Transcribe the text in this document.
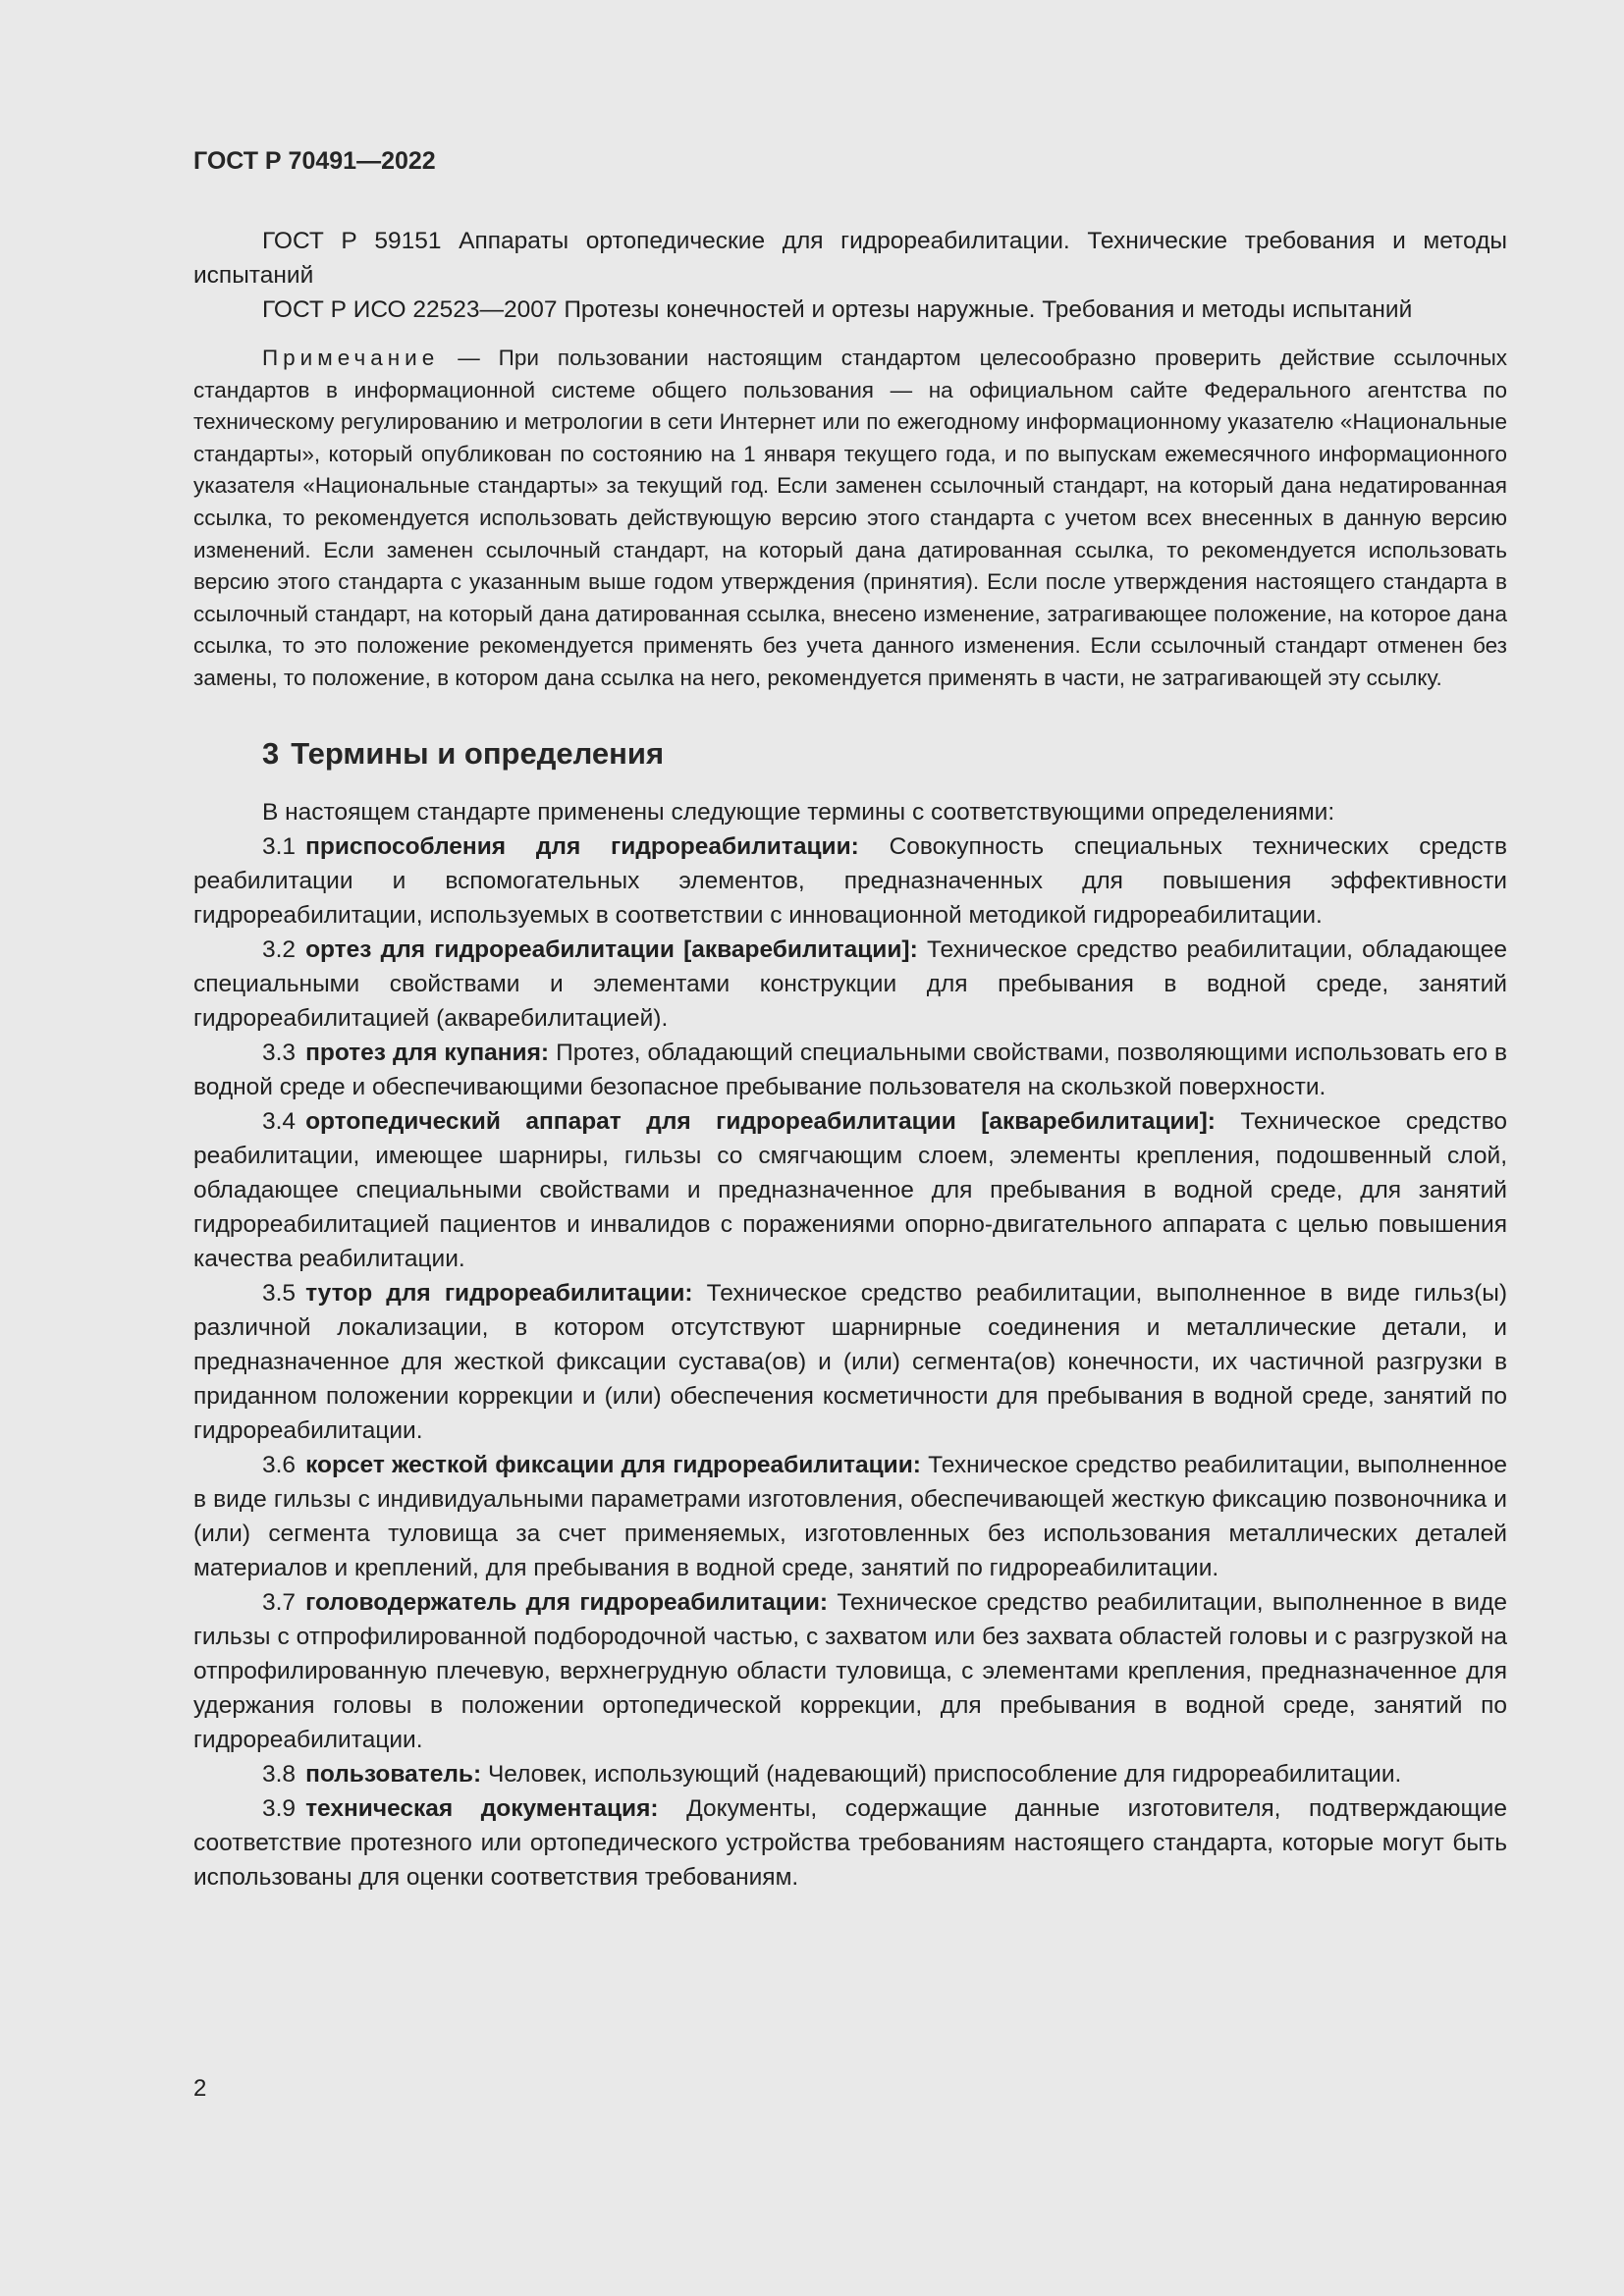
ГОСТ Р 70491—2022

ГОСТ Р 59151 Аппараты ортопедические для гидрореабилитации. Технические требования и методы испытаний

ГОСТ Р ИСО 22523—2007 Протезы конечностей и ортезы наружные. Требования и методы испытаний

Примечание — При пользовании настоящим стандартом целесообразно проверить действие ссылочных стандартов в информационной системе общего пользования — на официальном сайте Федерального агентства по техническому регулированию и метрологии в сети Интернет или по ежегодному информационному указателю «Национальные стандарты», который опубликован по состоянию на 1 января текущего года, и по выпускам ежемесячного информационного указателя «Национальные стандарты» за текущий год. Если заменен ссылочный стандарт, на который дана недатированная ссылка, то рекомендуется использовать действующую версию этого стандарта с учетом всех внесенных в данную версию изменений. Если заменен ссылочный стандарт, на который дана датированная ссылка, то рекомендуется использовать версию этого стандарта с указанным выше годом утверждения (принятия). Если после утверждения настоящего стандарта в ссылочный стандарт, на который дана датированная ссылка, внесено изменение, затрагивающее положение, на которое дана ссылка, то это положение рекомендуется применять без учета данного изменения. Если ссылочный стандарт отменен без замены, то положение, в котором дана ссылка на него, рекомендуется применять в части, не затрагивающей эту ссылку.

3 Термины и определения

В настоящем стандарте применены следующие термины с соответствующими определениями:

3.1 приспособления для гидрореабилитации: Совокупность специальных технических средств реабилитации и вспомогательных элементов, предназначенных для повышения эффективности гидрореабилитации, используемых в соответствии с инновационной методикой гидрореабилитации.

3.2 ортез для гидрореабилитации [акваребилитации]: Техническое средство реабилитации, обладающее специальными свойствами и элементами конструкции для пребывания в водной среде, занятий гидрореабилитацией (акваребилитацией).

3.3 протез для купания: Протез, обладающий специальными свойствами, позволяющими использовать его в водной среде и обеспечивающими безопасное пребывание пользователя на скользкой поверхности.

3.4 ортопедический аппарат для гидрореабилитации [акваребилитации]: Техническое средство реабилитации, имеющее шарниры, гильзы со смягчающим слоем, элементы крепления, подошвенный слой, обладающее специальными свойствами и предназначенное для пребывания в водной среде, для занятий гидрореабилитацией пациентов и инвалидов с поражениями опорно-двигательного аппарата с целью повышения качества реабилитации.

3.5 тутор для гидрореабилитации: Техническое средство реабилитации, выполненное в виде гильз(ы) различной локализации, в котором отсутствуют шарнирные соединения и металлические детали, и предназначенное для жесткой фиксации сустава(ов) и (или) сегмента(ов) конечности, их частичной разгрузки в приданном положении коррекции и (или) обеспечения косметичности для пребывания в водной среде, занятий по гидрореабилитации.

3.6 корсет жесткой фиксации для гидрореабилитации: Техническое средство реабилитации, выполненное в виде гильзы с индивидуальными параметрами изготовления, обеспечивающей жесткую фиксацию позвоночника и (или) сегмента туловища за счет применяемых, изготовленных без использования металлических деталей материалов и креплений, для пребывания в водной среде, занятий по гидрореабилитации.

3.7 головодержатель для гидрореабилитации: Техническое средство реабилитации, выполненное в виде гильзы с отпрофилированной подбородочной частью, с захватом или без захвата областей головы и с разгрузкой на отпрофилированную плечевую, верхнегрудную области туловища, с элементами крепления, предназначенное для удержания головы в положении ортопедической коррекции, для пребывания в водной среде, занятий по гидрореабилитации.

3.8 пользователь: Человек, использующий (надевающий) приспособление для гидрореабилитации.

3.9 техническая документация: Документы, содержащие данные изготовителя, подтверждающие соответствие протезного или ортопедического устройства требованиям настоящего стандарта, которые могут быть использованы для оценки соответствия требованиям.

2
